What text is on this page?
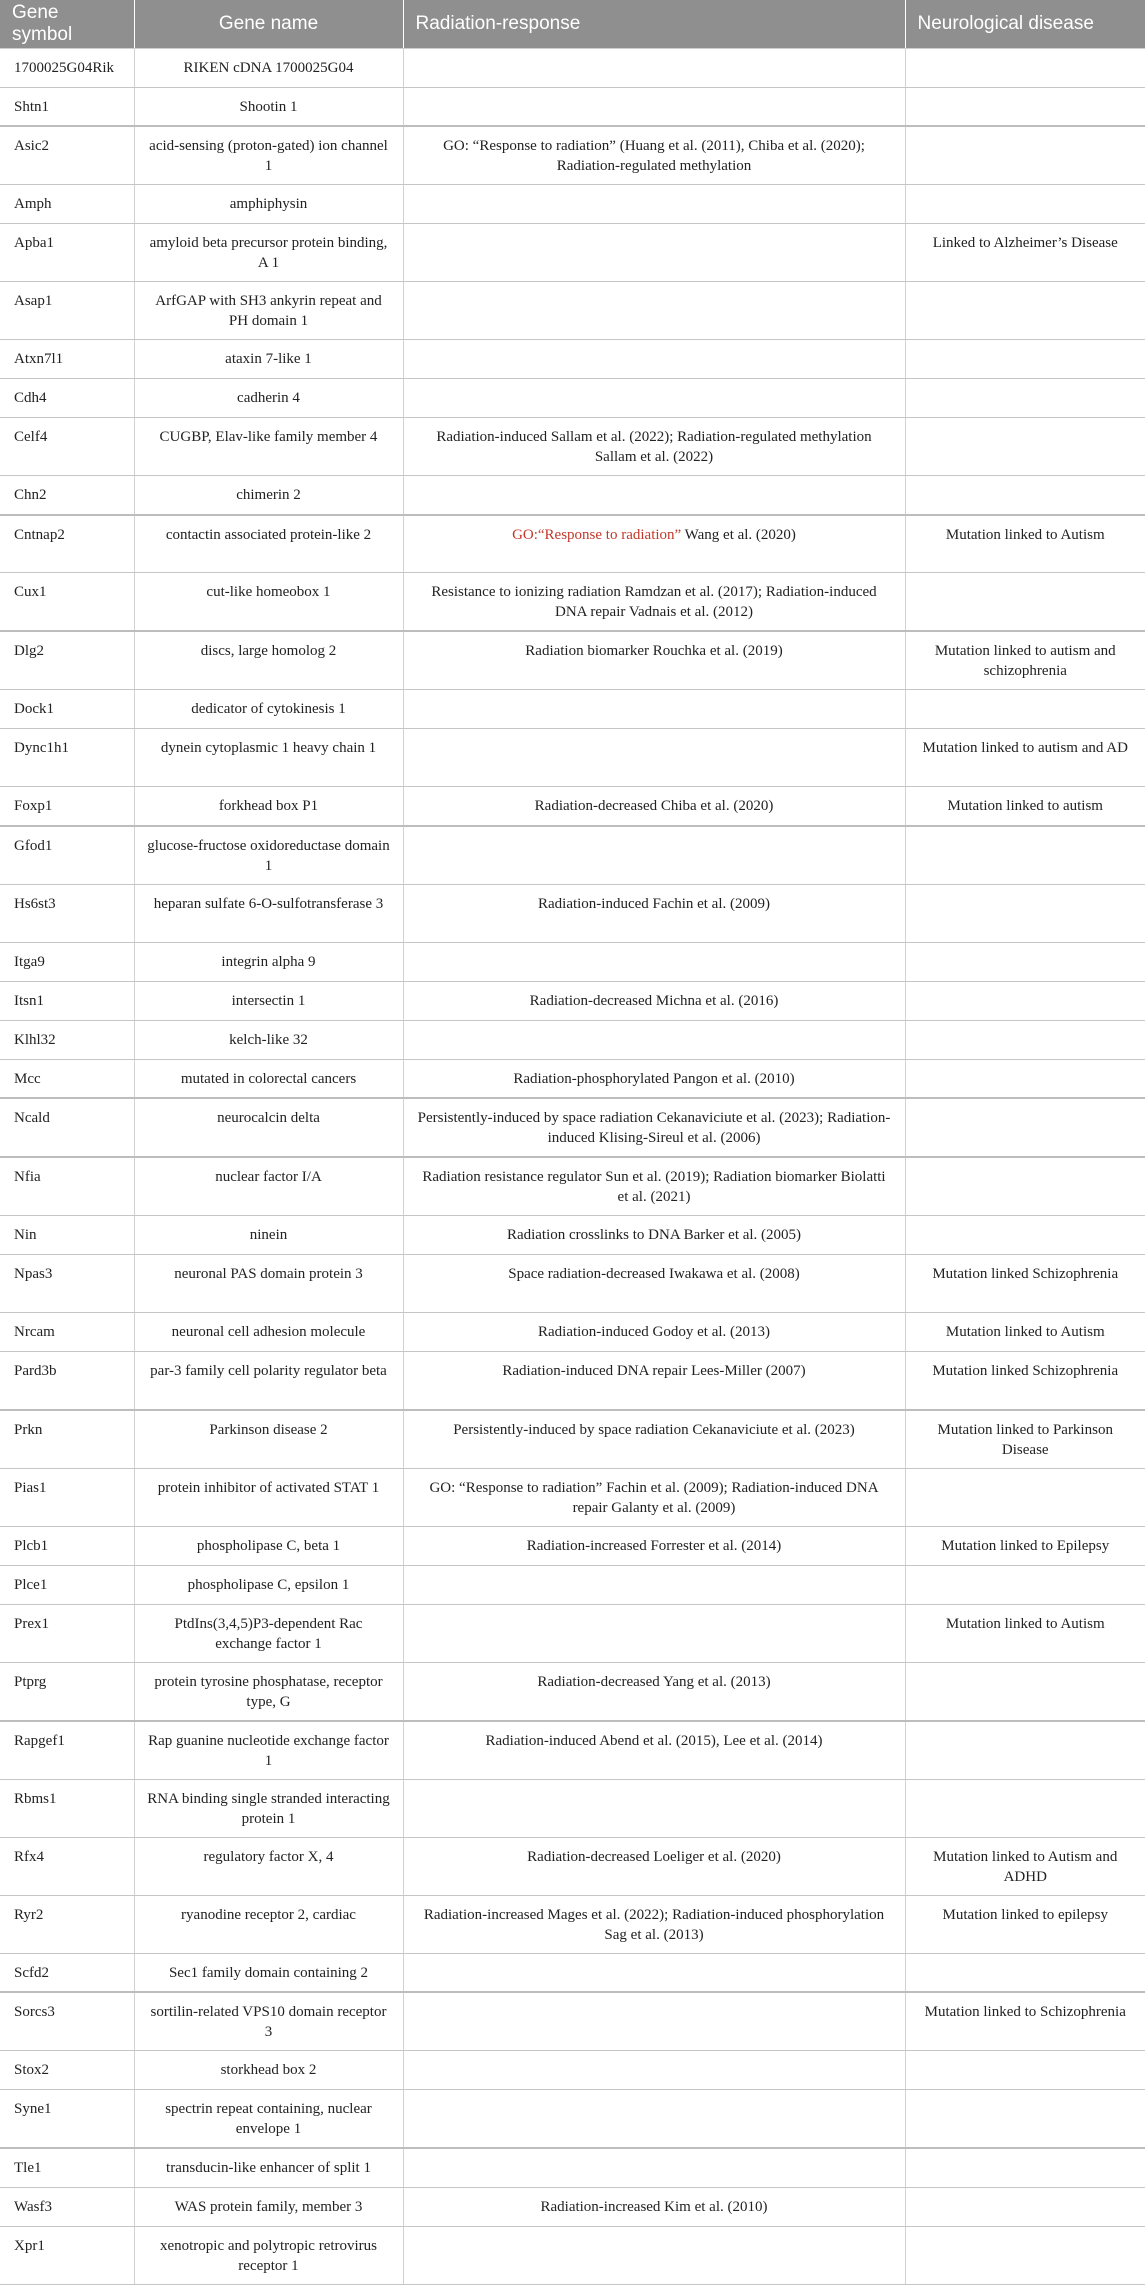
Gene symbol	Gene name	Radiation-response	Neurological disease
1700025G04Rik	RIKEN cDNA 1700025G04		
Shtn1	Shootin 1		
Asic2	acid-sensing (proton-gated) ion channel 1	GO: “Response to radiation” (Huang et al. (2011), Chiba et al. (2020); Radiation-regulated methylation	
Amph	amphiphysin		
Apba1	amyloid beta precursor protein binding, A 1		Linked to Alzheimer’s Disease
Asap1	ArfGAP with SH3 ankyrin repeat and PH domain 1		
Atxn7l1	ataxin 7-like 1		
Cdh4	cadherin 4		
Celf4	CUGBP, Elav-like family member 4	Radiation-induced Sallam et al. (2022); Radiation-regulated methylation Sallam et al. (2022)	
Chn2	chimerin 2		
Cntnap2	contactin associated protein-like 2	GO:“Response to radiation” Wang et al. (2020)	Mutation linked to Autism
Cux1	cut-like homeobox 1	Resistance to ionizing radiation Ramdzan et al. (2017); Radiation-induced DNA repair Vadnais et al. (2012)	
Dlg2	discs, large homolog 2	Radiation biomarker Rouchka et al. (2019)	Mutation linked to autism and schizophrenia
Dock1	dedicator of cytokinesis 1		
Dync1h1	dynein cytoplasmic 1 heavy chain 1		Mutation linked to autism and AD
Foxp1	forkhead box P1	Radiation-decreased Chiba et al. (2020)	Mutation linked to autism
Gfod1	glucose-fructose oxidoreductase domain 1		
Hs6st3	heparan sulfate 6-O-sulfotransferase 3	Radiation-induced Fachin et al. (2009)	
Itga9	integrin alpha 9		
Itsn1	intersectin 1	Radiation-decreased Michna et al. (2016)	
Klhl32	kelch-like 32		
Mcc	mutated in colorectal cancers	Radiation-phosphorylated Pangon et al. (2010)	
Ncald	neurocalcin delta	Persistently-induced by space radiation Cekanaviciute et al. (2023); Radiation-induced Klising-Sireul et al. (2006)	
Nfia	nuclear factor I/A	Radiation resistance regulator Sun et al. (2019); Radiation biomarker Biolatti et al. (2021)	
Nin	ninein	Radiation crosslinks to DNA Barker et al. (2005)	
Npas3	neuronal PAS domain protein 3	Space radiation-decreased Iwakawa et al. (2008)	Mutation linked Schizophrenia
Nrcam	neuronal cell adhesion molecule	Radiation-induced Godoy et al. (2013)	Mutation linked to Autism
Pard3b	par-3 family cell polarity regulator beta	Radiation-induced DNA repair Lees-Miller (2007)	Mutation linked Schizophrenia
Prkn	Parkinson disease 2	Persistently-induced by space radiation Cekanaviciute et al. (2023)	Mutation linked to Parkinson Disease
Pias1	protein inhibitor of activated STAT 1	GO: “Response to radiation” Fachin et al. (2009); Radiation-induced DNA repair Galanty et al. (2009)	
Plcb1	phospholipase C, beta 1	Radiation-increased Forrester et al. (2014)	Mutation linked to Epilepsy
Plce1	phospholipase C, epsilon 1		
Prex1	PtdIns(3,4,5)P3-dependent Rac exchange factor 1		Mutation linked to Autism
Ptprg	protein tyrosine phosphatase, receptor type, G	Radiation-decreased Yang et al. (2013)	
Rapgef1	Rap guanine nucleotide exchange factor 1	Radiation-induced Abend et al. (2015), Lee et al. (2014)	
Rbms1	RNA binding single stranded interacting protein 1		
Rfx4	regulatory factor X, 4	Radiation-decreased Loeliger et al. (2020)	Mutation linked to Autism and ADHD
Ryr2	ryanodine receptor 2, cardiac	Radiation-increased Mages et al. (2022); Radiation-induced phosphorylation Sag et al. (2013)	Mutation linked to epilepsy
Scfd2	Sec1 family domain containing 2		
Sorcs3	sortilin-related VPS10 domain receptor 3		Mutation linked to Schizophrenia
Stox2	storkhead box 2		
Syne1	spectrin repeat containing, nuclear envelope 1		
Tle1	transducin-like enhancer of split 1		
Wasf3	WAS protein family, member 3	Radiation-increased Kim et al. (2010)	
Xpr1	xenotropic and polytropic retrovirus receptor 1		
